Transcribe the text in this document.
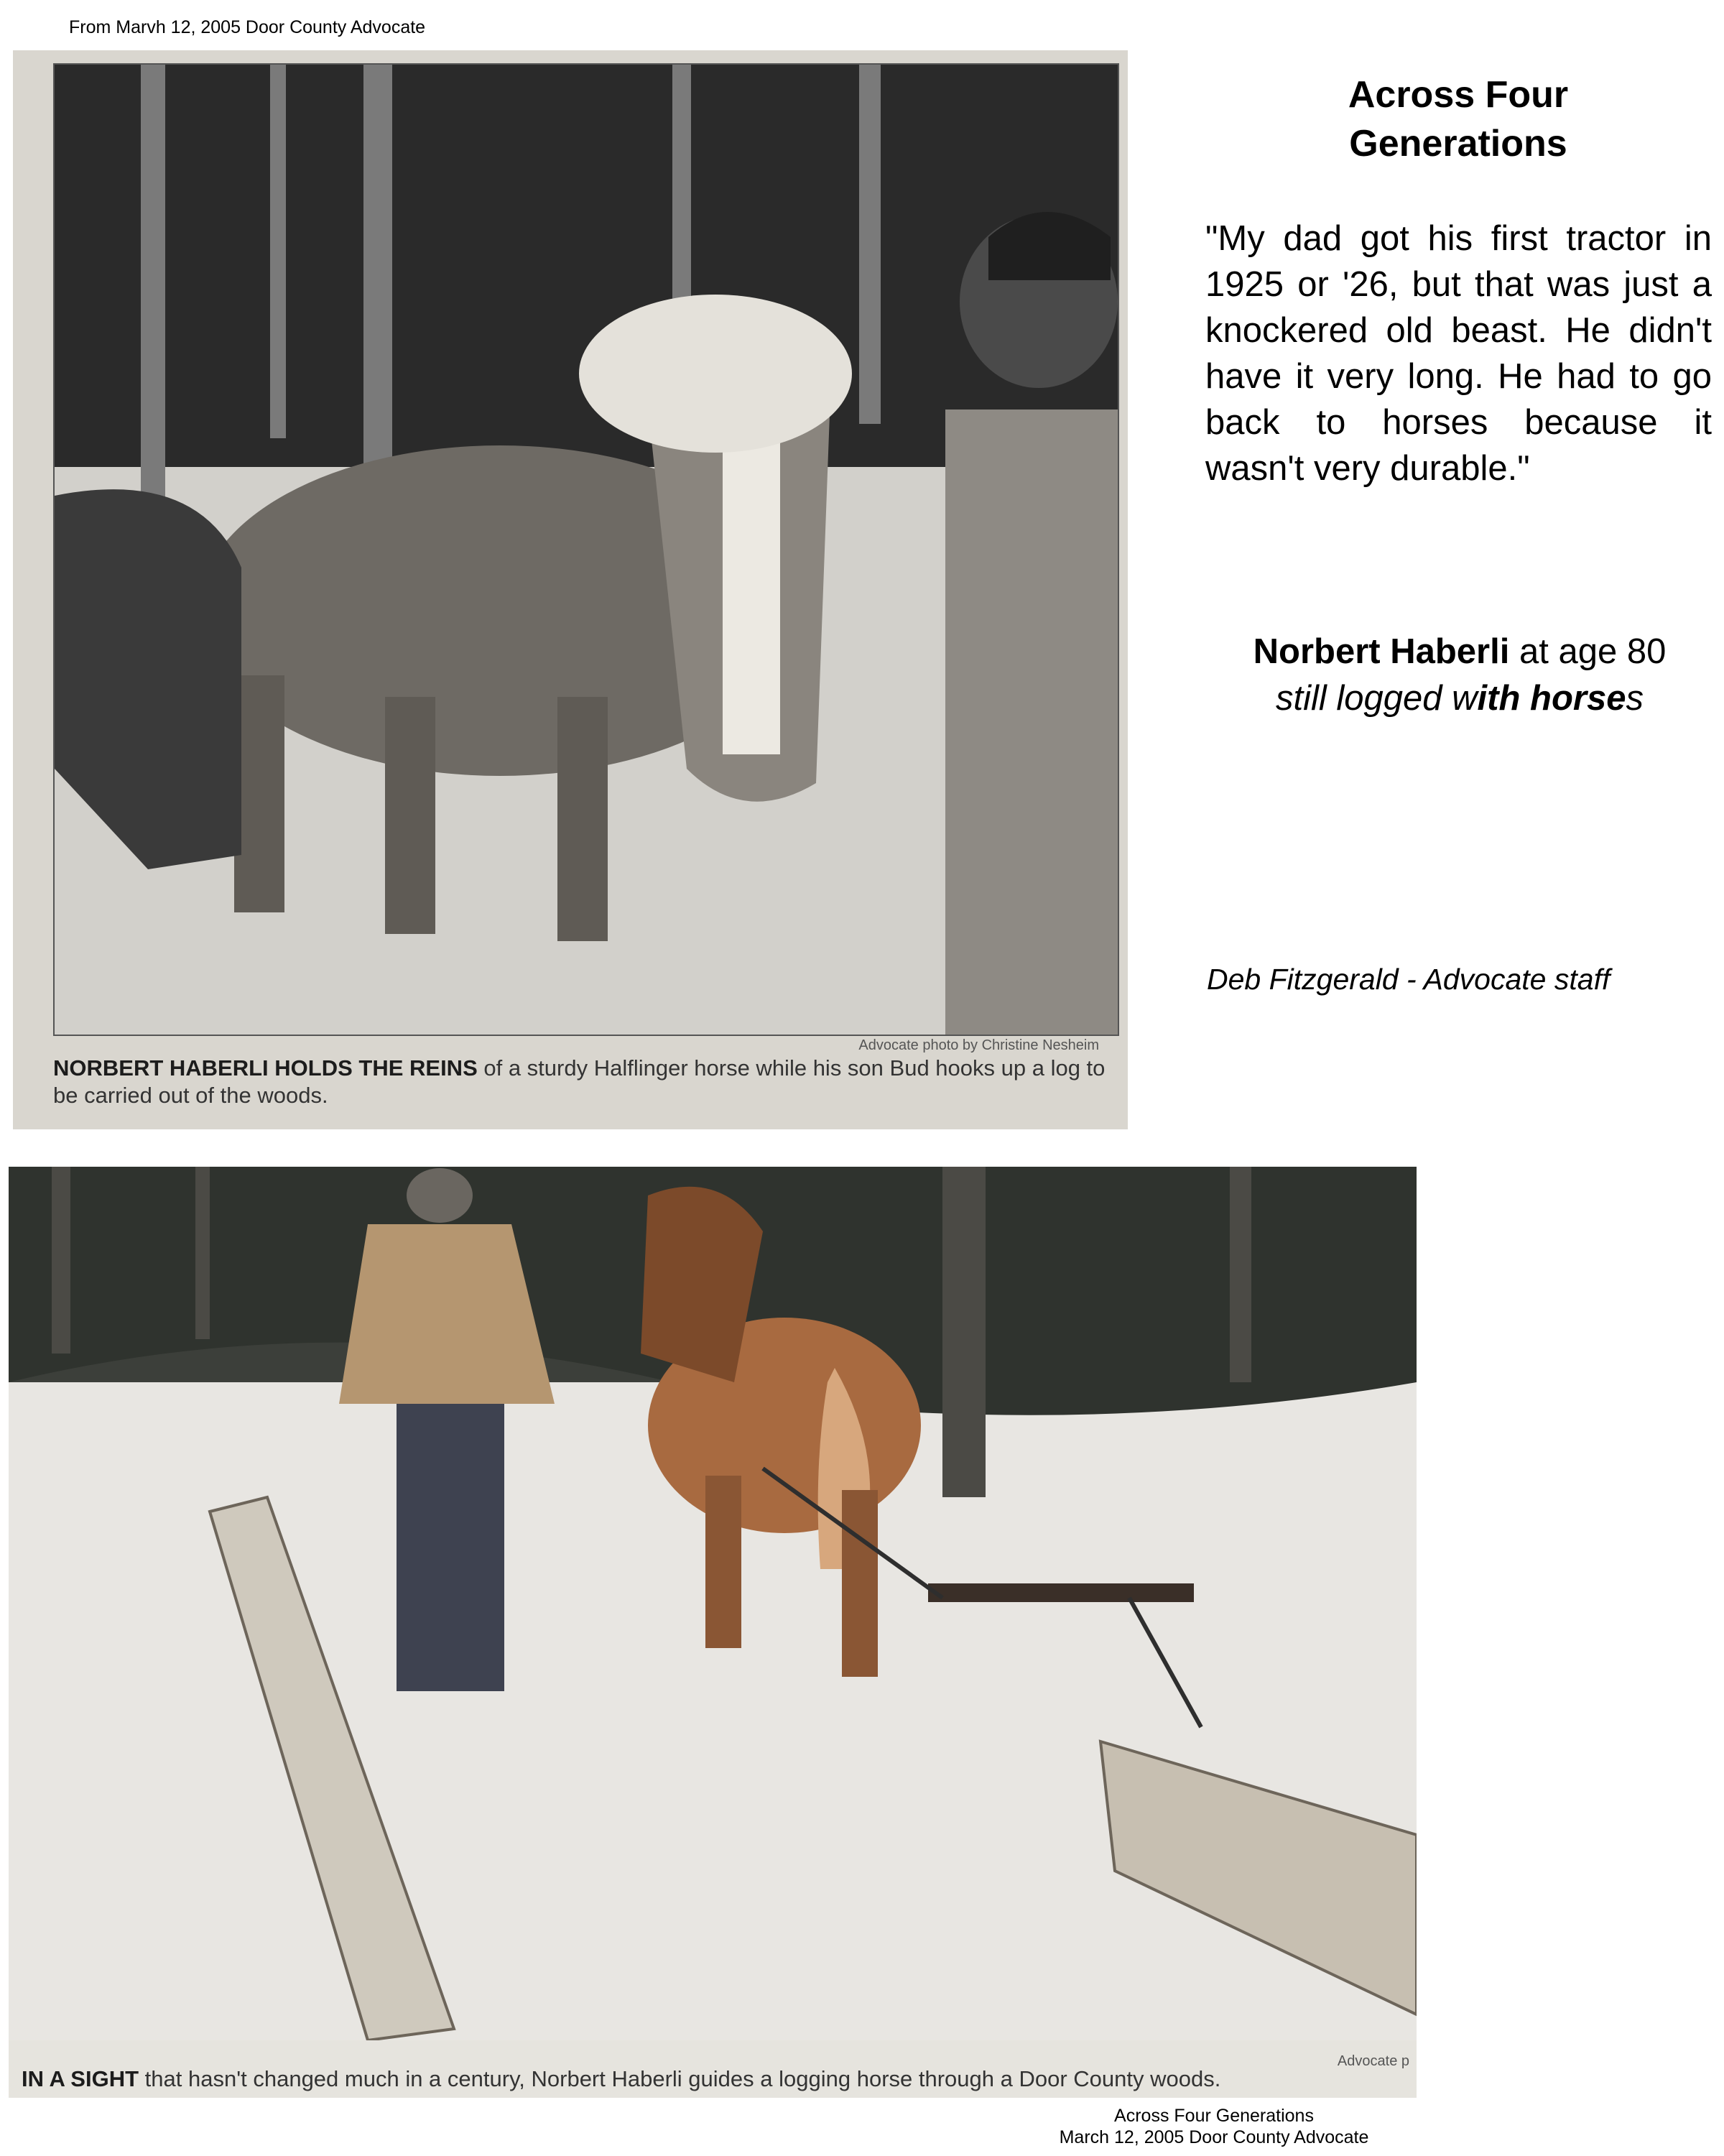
From Marvh 12, 2005 Door County Advocate
Advocate photo by Christine Nesheim
NORBERT HABERLI HOLDS THE REINS of a sturdy Halflinger horse while his son Bud hooks up a log to be carried out of the woods.
Across Four
Generations
"My dad got his first tractor in 1925 or '26, but that was just a knockered old beast. He didn't have it very long. He had to go back to horses because it wasn't very durable."
Norbert Haberli at age 80
still logged with horses
Deb Fitzgerald - Advocate staff
Advocate p
IN A SIGHT that hasn't changed much in a century, Norbert Haberli guides a logging horse through a Door County woods.
Across Four Generations
March 12, 2005 Door County Advocate
